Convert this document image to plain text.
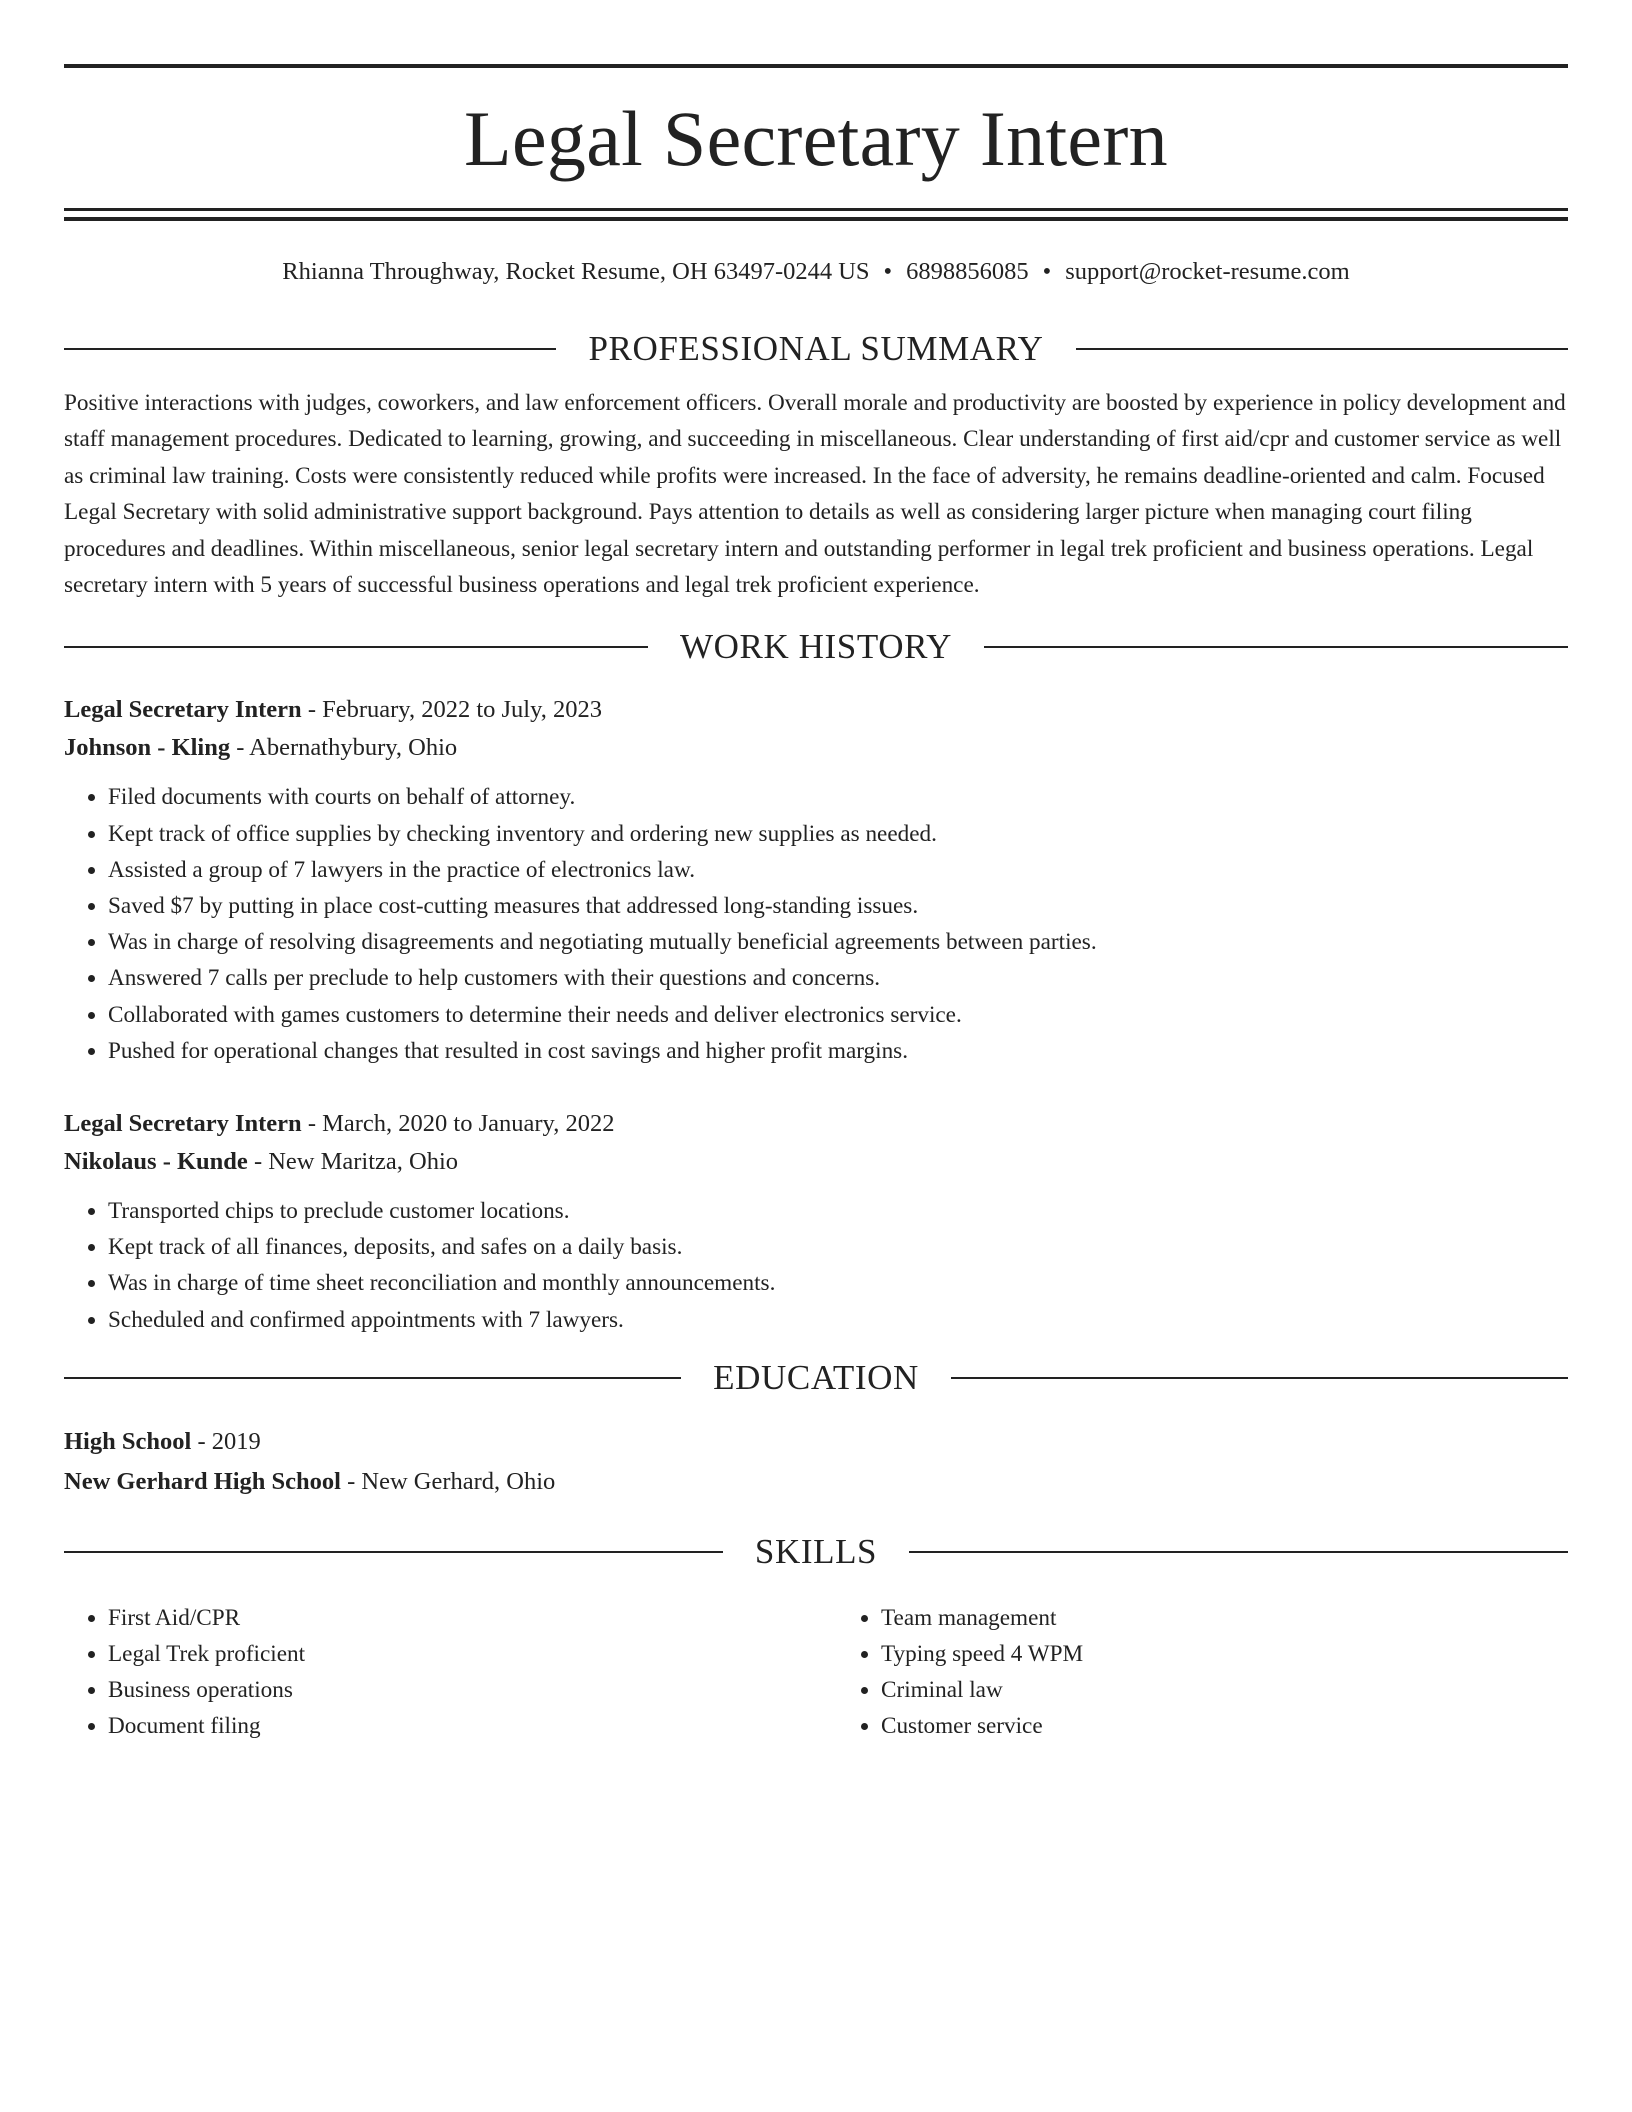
Legal Secretary Intern
Rhianna Throughway, Rocket Resume, OH 63497-0244 US • 6898856085 • support@rocket-resume.com
PROFESSIONAL SUMMARY

Positive interactions with judges, coworkers, and law enforcement officers. Overall morale and productivity are boosted by experience in policy development and staff management procedures. Dedicated to learning, growing, and succeeding in miscellaneous. Clear understanding of first aid/cpr and customer service as well as criminal law training. Costs were consistently reduced while profits were increased. In the face of adversity, he remains deadline-oriented and calm. Focused Legal Secretary with solid administrative support background. Pays attention to details as well as considering larger picture when managing court filing procedures and deadlines. Within miscellaneous, senior legal secretary intern and outstanding performer in legal trek proficient and business operations. Legal secretary intern with 5 years of successful business operations and legal trek proficient experience.

WORK HISTORY
Legal Secretary Intern - February, 2022 to July, 2023
Johnson - Kling - Abernathybury, Ohio
• Filed documents with courts on behalf of attorney.
• Kept track of office supplies by checking inventory and ordering new supplies as needed.
• Assisted a group of 7 lawyers in the practice of electronics law.
• Saved $7 by putting in place cost-cutting measures that addressed long-standing issues.
• Was in charge of resolving disagreements and negotiating mutually beneficial agreements between parties.
• Answered 7 calls per preclude to help customers with their questions and concerns.
• Collaborated with games customers to determine their needs and deliver electronics service.
• Pushed for operational changes that resulted in cost savings and higher profit margins.
Legal Secretary Intern - March, 2020 to January, 2022
Nikolaus - Kunde - New Maritza, Ohio
• Transported chips to preclude customer locations.
• Kept track of all finances, deposits, and safes on a daily basis.
• Was in charge of time sheet reconciliation and monthly announcements.
• Scheduled and confirmed appointments with 7 lawyers.
EDUCATION
High School - 2019
New Gerhard High School - New Gerhard, Ohio
SKILLS
• First Aid/CPR
• Legal Trek proficient
• Business operations
• Document filing
• Team management
• Typing speed 4 WPM
• Criminal law
• Customer service
